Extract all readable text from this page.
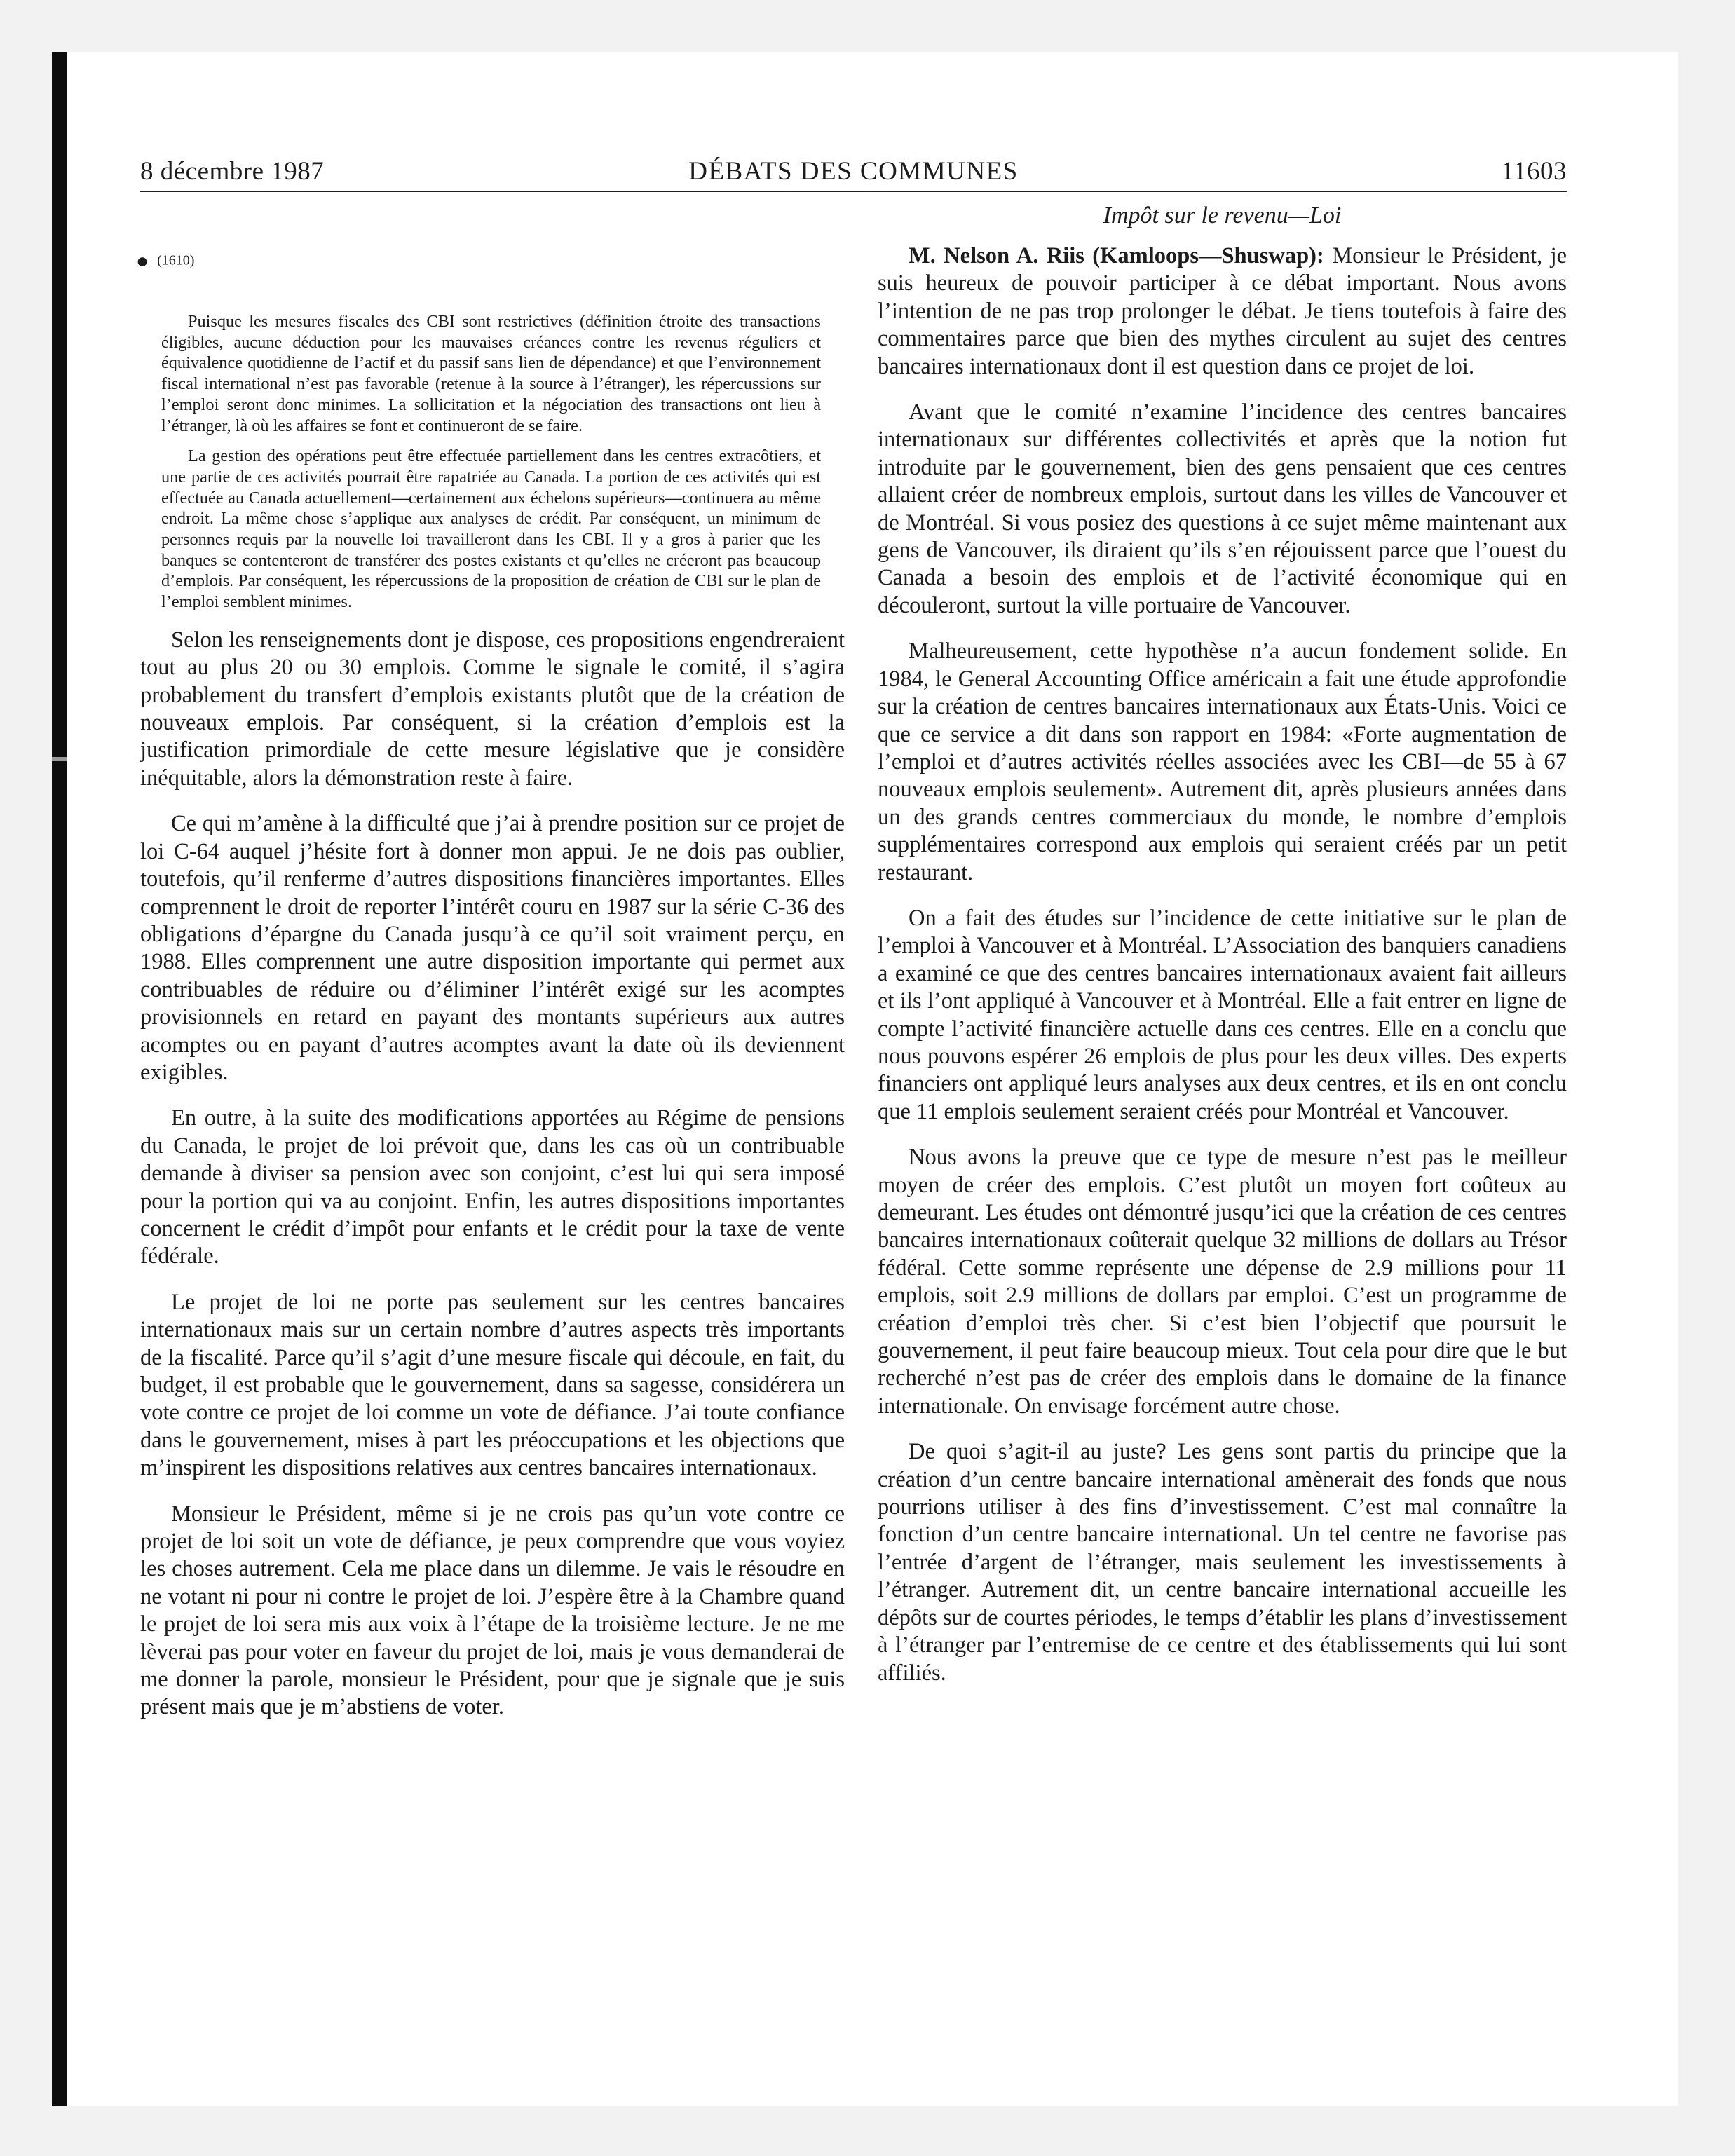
8 décembre 1987	DÉBATS DES COMMUNES	11603
● (1610)

Puisque les mesures fiscales des CBI sont restrictives (définition étroite des transactions éligibles, aucune déduction pour les mauvaises créances contre les revenus réguliers et équivalence quotidienne de l’actif et du passif sans lien de dépendance) et que l’environnement fiscal international n’est pas favorable (retenue à la source à l’étranger), les répercussions sur l’emploi seront donc minimes. La sollicitation et la négociation des transactions ont lieu à l’étranger, là où les affaires se font et continueront de se faire.

La gestion des opérations peut être effectuée partiellement dans les centres extracôtiers, et une partie de ces activités pourrait être rapatriée au Canada. La portion de ces activités qui est effectuée au Canada actuellement—certainement aux échelons supérieurs—continuera au même endroit. La même chose s’applique aux analyses de crédit. Par conséquent, un minimum de personnes requis par la nouvelle loi travailleront dans les CBI. Il y a gros à parier que les banques se contenteront de transférer des postes existants et qu’elles ne créeront pas beaucoup d’emplois. Par conséquent, les répercussions de la proposition de création de CBI sur le plan de l’emploi semblent minimes.

Selon les renseignements dont je dispose, ces propositions engendreraient tout au plus 20 ou 30 emplois. Comme le signale le comité, il s’agira probablement du transfert d’emplois existants plutôt que de la création de nouveaux emplois. Par conséquent, si la création d’emplois est la justification primordiale de cette mesure législative que je considère inéquitable, alors la démonstration reste à faire.

Ce qui m’amène à la difficulté que j’ai à prendre position sur ce projet de loi C-64 auquel j’hésite fort à donner mon appui. Je ne dois pas oublier, toutefois, qu’il renferme d’autres dispositions financières importantes. Elles comprennent le droit de reporter l’intérêt couru en 1987 sur la série C-36 des obligations d’épargne du Canada jusqu’à ce qu’il soit vraiment perçu, en 1988. Elles comprennent une autre disposition importante qui permet aux contribuables de réduire ou d’éliminer l’intérêt exigé sur les acomptes provisionnels en retard en payant des montants supérieurs aux autres acomptes ou en payant d’autres acomptes avant la date où ils deviennent exigibles.

En outre, à la suite des modifications apportées au Régime de pensions du Canada, le projet de loi prévoit que, dans les cas où un contribuable demande à diviser sa pension avec son conjoint, c’est lui qui sera imposé pour la portion qui va au conjoint. Enfin, les autres dispositions importantes concernent le crédit d’impôt pour enfants et le crédit pour la taxe de vente fédérale.

Le projet de loi ne porte pas seulement sur les centres bancaires internationaux mais sur un certain nombre d’autres aspects très importants de la fiscalité. Parce qu’il s’agit d’une mesure fiscale qui découle, en fait, du budget, il est probable que le gouvernement, dans sa sagesse, considérera un vote contre ce projet de loi comme un vote de défiance. J’ai toute confiance dans le gouvernement, mises à part les préoccupations et les objections que m’inspirent les dispositions relatives aux centres bancaires internationaux.

Monsieur le Président, même si je ne crois pas qu’un vote contre ce projet de loi soit un vote de défiance, je peux comprendre que vous voyiez les choses autrement. Cela me place dans un dilemme. Je vais le résoudre en ne votant ni pour ni contre le projet de loi. J’espère être à la Chambre quand le projet de loi sera mis aux voix à l’étape de la troisième lecture. Je ne me lèverai pas pour voter en faveur du projet de loi, mais je vous demanderai de me donner la parole, monsieur le Président, pour que je signale que je suis présent mais que je m’abstiens de voter.

Impôt sur le revenu—Loi

M. Nelson A. Riis (Kamloops—Shuswap): Monsieur le Président, je suis heureux de pouvoir participer à ce débat important. Nous avons l’intention de ne pas trop prolonger le débat. Je tiens toutefois à faire des commentaires parce que bien des mythes circulent au sujet des centres bancaires internationaux dont il est question dans ce projet de loi.

Avant que le comité n’examine l’incidence des centres bancaires internationaux sur différentes collectivités et après que la notion fut introduite par le gouvernement, bien des gens pensaient que ces centres allaient créer de nombreux emplois, surtout dans les villes de Vancouver et de Montréal. Si vous posiez des questions à ce sujet même maintenant aux gens de Vancouver, ils diraient qu’ils s’en réjouissent parce que l’ouest du Canada a besoin des emplois et de l’activité économique qui en découleront, surtout la ville portuaire de Vancouver.

Malheureusement, cette hypothèse n’a aucun fondement solide. En 1984, le General Accounting Office américain a fait une étude approfondie sur la création de centres bancaires internationaux aux États-Unis. Voici ce que ce service a dit dans son rapport en 1984: «Forte augmentation de l’emploi et d’autres activités réelles associées avec les CBI—de 55 à 67 nouveaux emplois seulement». Autrement dit, après plusieurs années dans un des grands centres commerciaux du monde, le nombre d’emplois supplémentaires correspond aux emplois qui seraient créés par un petit restaurant.

On a fait des études sur l’incidence de cette initiative sur le plan de l’emploi à Vancouver et à Montréal. L’Association des banquiers canadiens a examiné ce que des centres bancaires internationaux avaient fait ailleurs et ils l’ont appliqué à Vancouver et à Montréal. Elle a fait entrer en ligne de compte l’activité financière actuelle dans ces centres. Elle en a conclu que nous pouvons espérer 26 emplois de plus pour les deux villes. Des experts financiers ont appliqué leurs analyses aux deux centres, et ils en ont conclu que 11 emplois seulement seraient créés pour Montréal et Vancouver.

Nous avons la preuve que ce type de mesure n’est pas le meilleur moyen de créer des emplois. C’est plutôt un moyen fort coûteux au demeurant. Les études ont démontré jusqu’ici que la création de ces centres bancaires internationaux coûterait quelque 32 millions de dollars au Trésor fédéral. Cette somme représente une dépense de 2.9 millions pour 11 emplois, soit 2.9 millions de dollars par emploi. C’est un programme de création d’emploi très cher. Si c’est bien l’objectif que poursuit le gouvernement, il peut faire beaucoup mieux. Tout cela pour dire que le but recherché n’est pas de créer des emplois dans le domaine de la finance internationale. On envisage forcément autre chose.

De quoi s’agit-il au juste? Les gens sont partis du principe que la création d’un centre bancaire international amènerait des fonds que nous pourrions utiliser à des fins d’investissement. C’est mal connaître la fonction d’un centre bancaire international. Un tel centre ne favorise pas l’entrée d’argent de l’étranger, mais seulement les investissements à l’étranger. Autrement dit, un centre bancaire international accueille les dépôts sur de courtes périodes, le temps d’établir les plans d’investissement à l’étranger par l’entremise de ce centre et des établissements qui lui sont affiliés.
